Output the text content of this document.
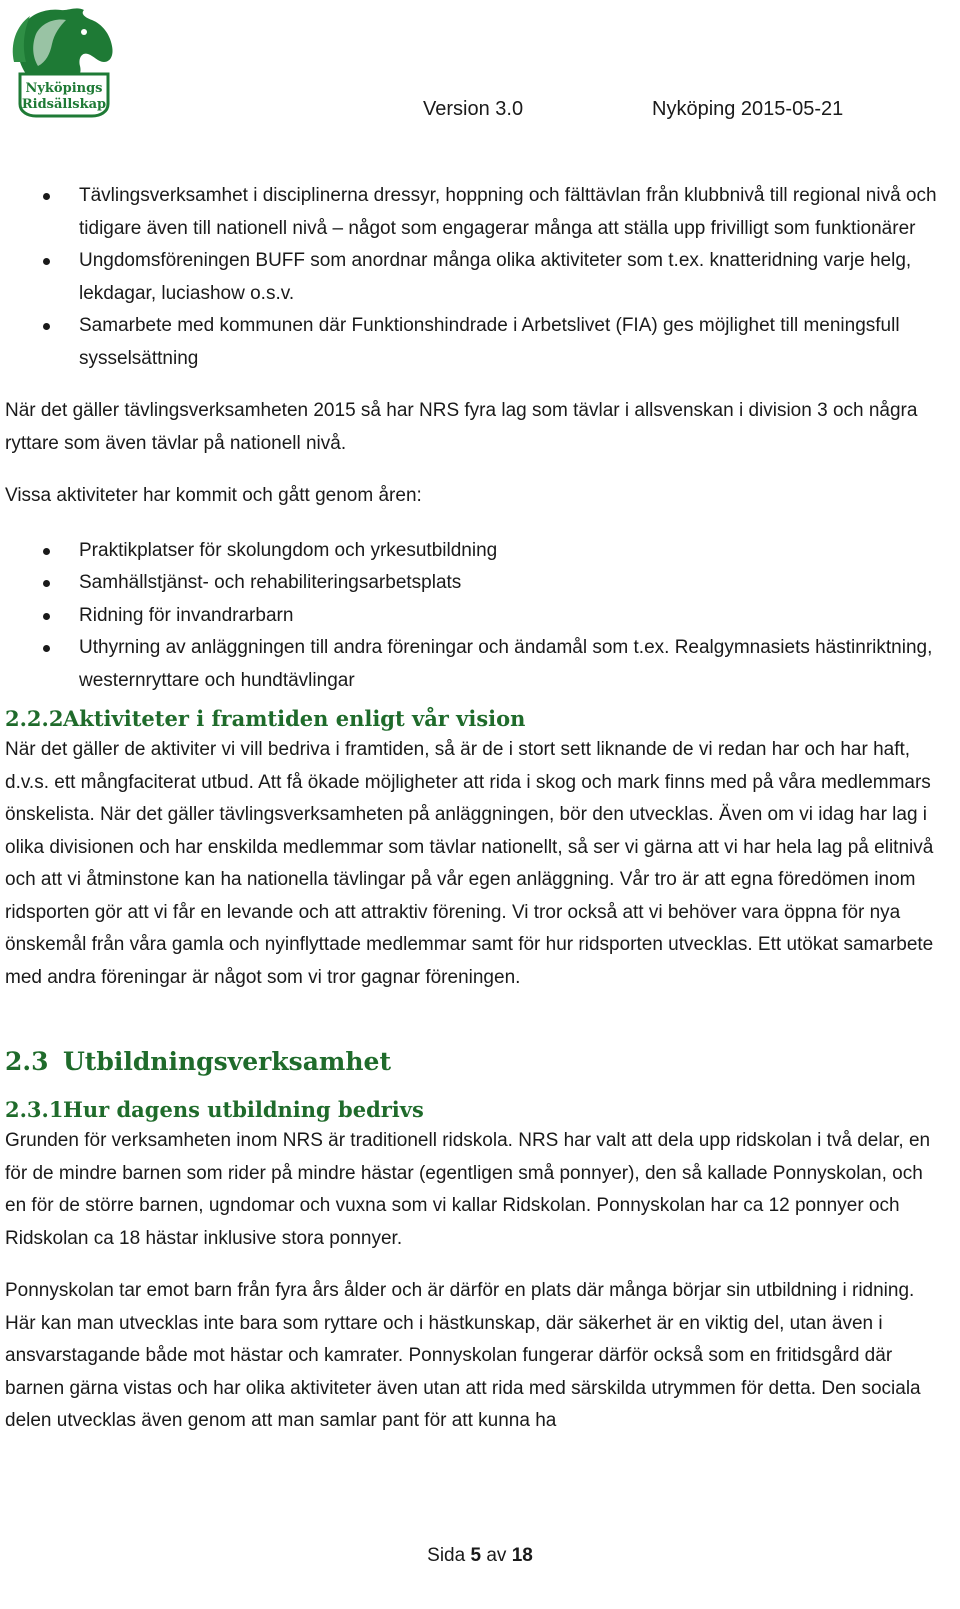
Nyköpings
Ridsällskap	Version 3.0	Nyköping 2015-05-21
Tävlingsverksamhet i disciplinerna dressyr, hoppning och fälttävlan från klubbnivå till regional nivå och tidigare även till nationell nivå – något som engagerar många att ställa upp frivilligt som funktionärer
Ungdomsföreningen BUFF som anordnar många olika aktiviteter som t.ex. knatteridning varje helg, lekdagar, luciashow o.s.v.
Samarbete med kommunen där Funktionshindrade i Arbetslivet (FIA) ges möjlighet till meningsfull sysselsättning

När det gäller tävlingsverksamheten 2015 så har NRS fyra lag som tävlar i allsvenskan i division 3 och några ryttare som även tävlar på nationell nivå.

Vissa aktiviteter har kommit och gått genom åren:

Praktikplatser för skolungdom och yrkesutbildning
Samhällstjänst- och rehabiliteringsarbetsplats
Ridning för invandrarbarn
Uthyrning av anläggningen till andra föreningar och ändamål som t.ex. Realgymnasiets hästinriktning, westernryttare och hundtävlingar
2.2.2Aktiviteter i framtiden enligt vår vision

När det gäller de aktiviter vi vill bedriva i framtiden, så är de i stort sett liknande de vi redan har och har haft, d.v.s. ett mångfaciterat utbud. Att få ökade möjligheter att rida i skog och mark finns med på våra medlemmars önskelista. När det gäller tävlingsverksamheten på anläggningen, bör den utvecklas. Även om vi idag har lag i olika divisionen och har enskilda medlemmar som tävlar nationellt, så ser vi gärna att vi har hela lag på elitnivå och att vi åtminstone kan ha nationella tävlingar på vår egen anläggning. Vår tro är att egna föredömen inom ridsporten gör att vi får en levande och att attraktiv förening. Vi tror också att vi behöver vara öppna för nya önskemål från våra gamla och nyinflyttade medlemmar samt för hur ridsporten utvecklas. Ett utökat samarbete med andra föreningar är något som vi tror gagnar föreningen.

2.3 Utbildningsverksamhet
2.3.1Hur dagens utbildning bedrivs

Grunden för verksamheten inom NRS är traditionell ridskola. NRS har valt att dela upp ridskolan i två delar, en för de mindre barnen som rider på mindre hästar (egentligen små ponnyer), den så kallade Ponnyskolan, och en för de större barnen, ugndomar och vuxna som vi kallar Ridskolan. Ponnyskolan har ca 12 ponnyer och Ridskolan ca 18 hästar inklusive stora ponnyer.

Ponnyskolan tar emot barn från fyra års ålder och är därför en plats där många börjar sin utbildning i ridning. Här kan man utvecklas inte bara som ryttare och i hästkunskap, där säkerhet är en viktig del, utan även i ansvarstagande både mot hästar och kamrater. Ponnyskolan fungerar därför också som en fritidsgård där barnen gärna vistas och har olika aktiviteter även utan att rida med särskilda utrymmen för detta. Den sociala delen utvecklas även genom att man samlar pant för att kunna ha

Sida 5 av 18
